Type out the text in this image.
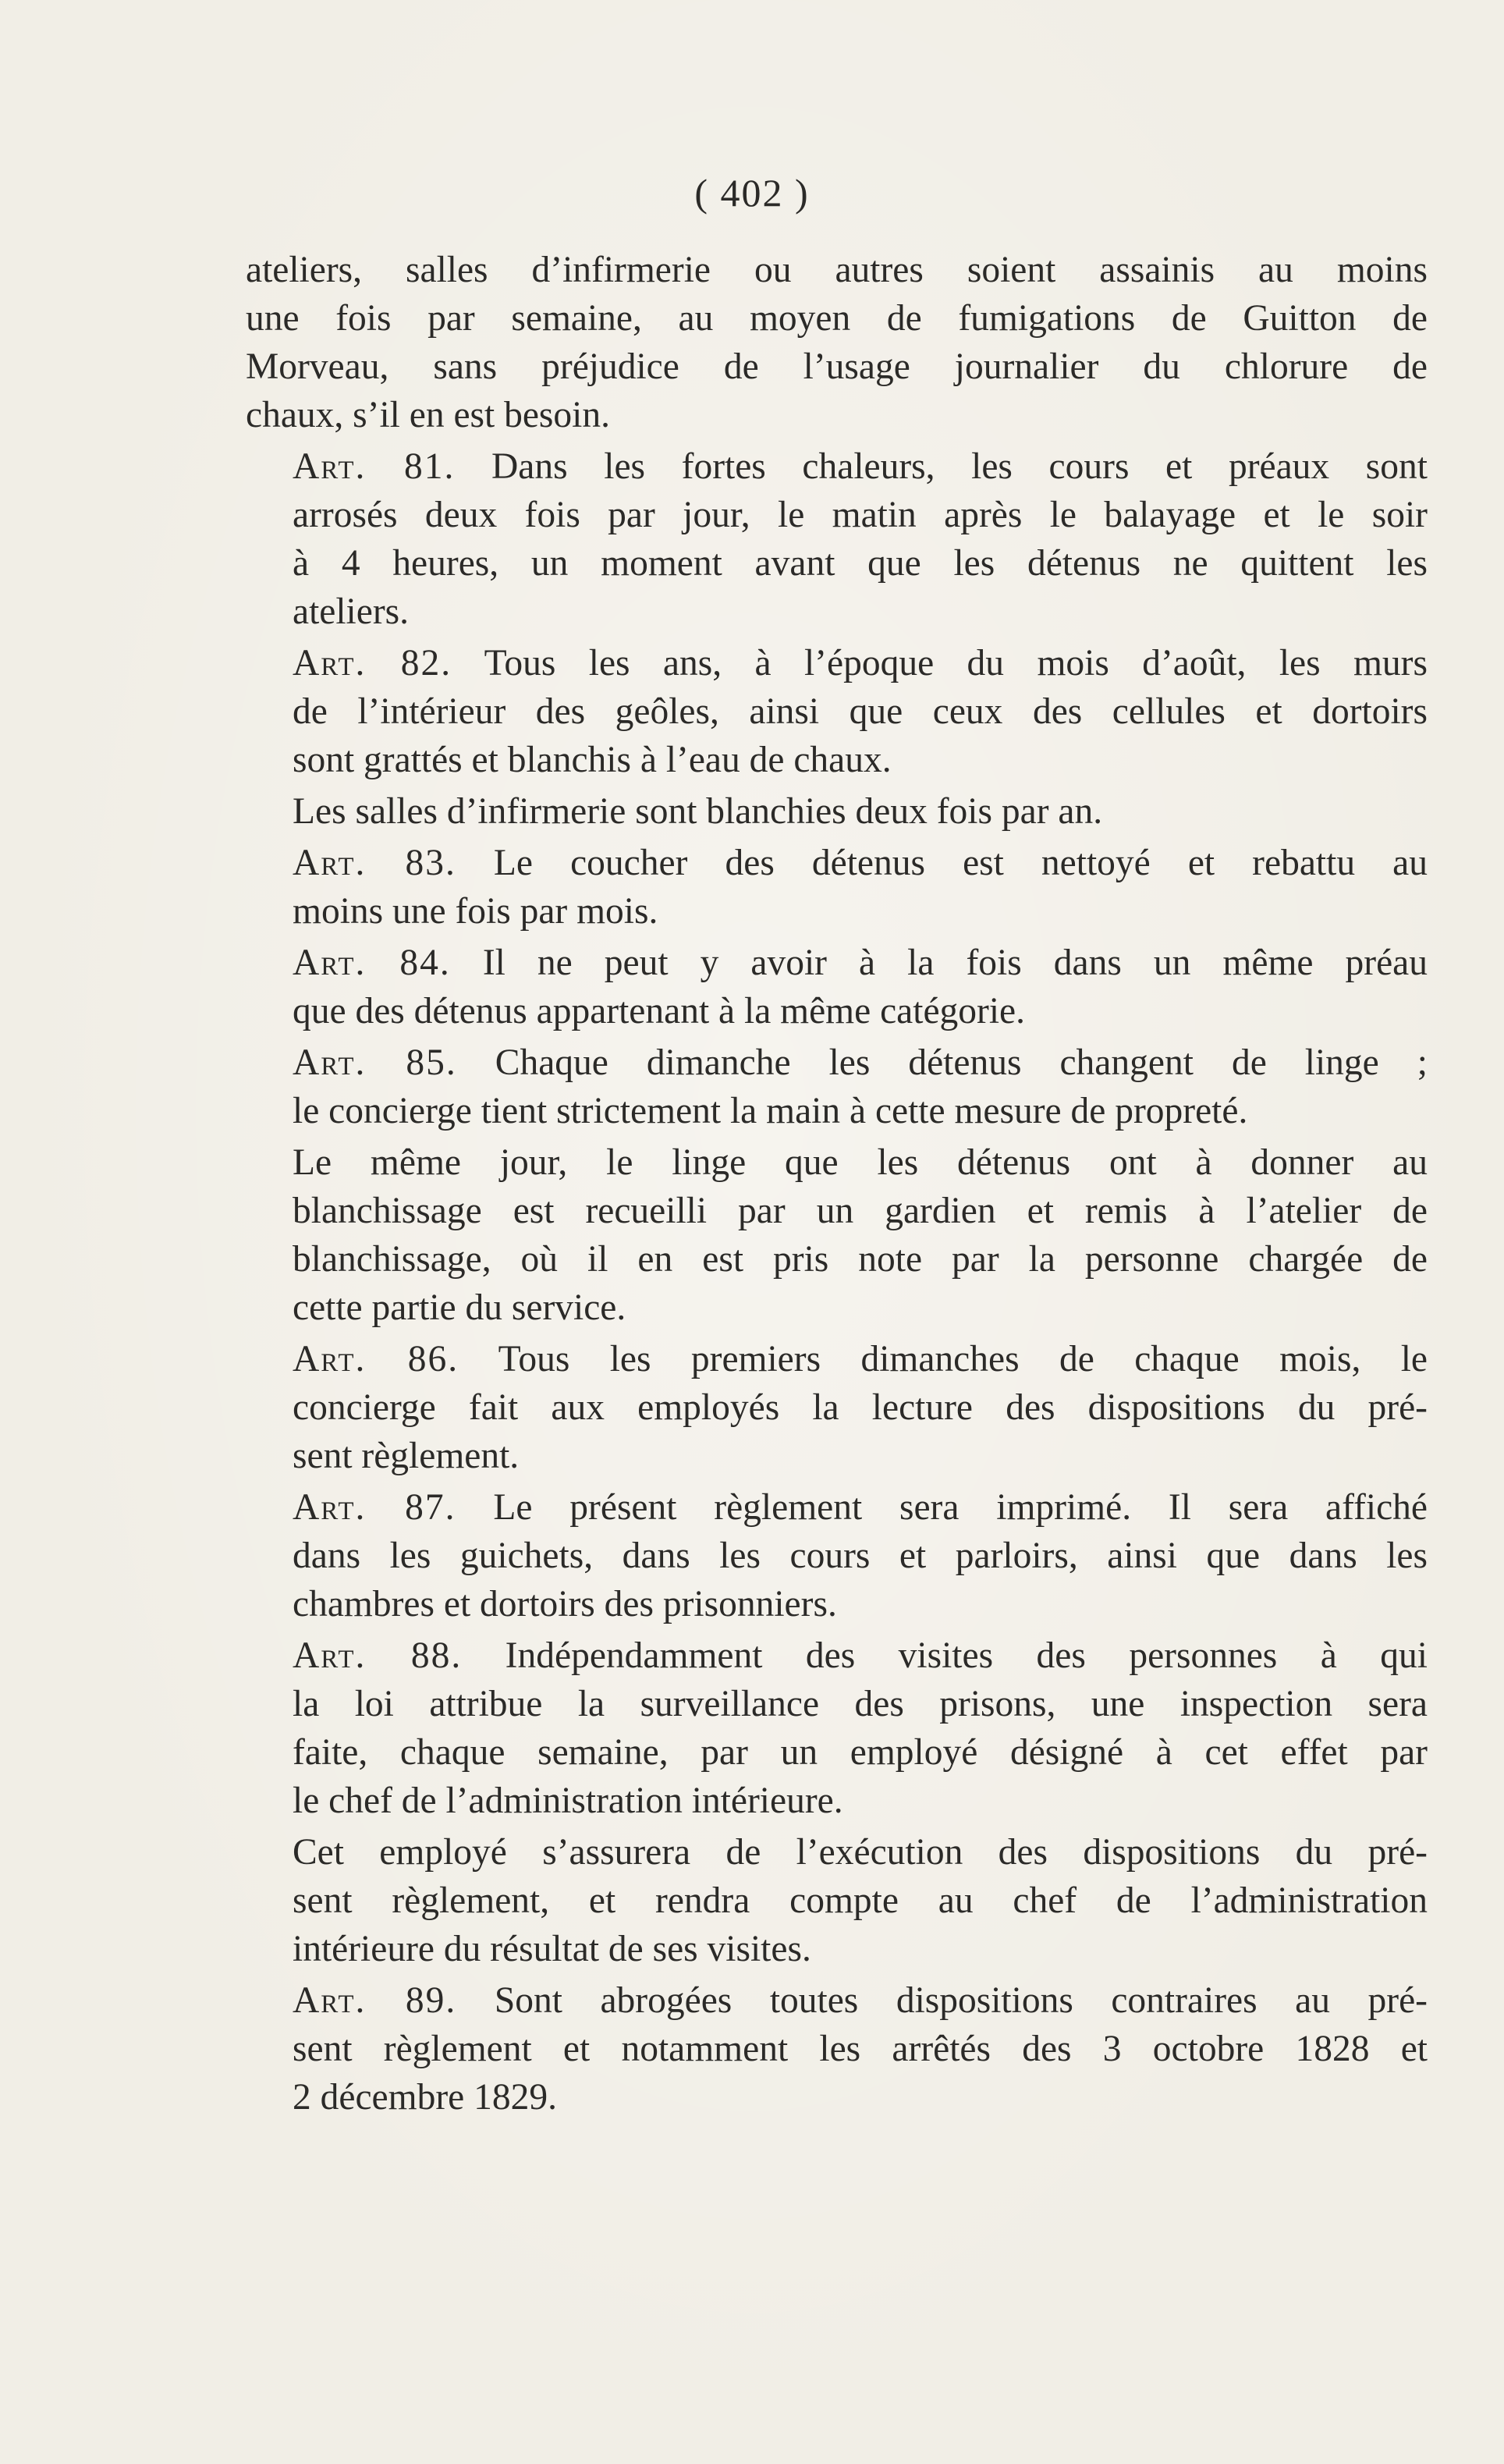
( 402 )
ateliers, salles d’infirmerie ou autres soient assainis au moins
une fois par semaine, au moyen de fumigations de Guitton de
Morveau, sans préjudice de l’usage journalier du chlorure de
chaux, s’il en est besoin.
Art. 81. Dans les fortes chaleurs, les cours et préaux sont
arrosés deux fois par jour, le matin après le balayage et le soir
à 4 heures, un moment avant que les détenus ne quittent les
ateliers.
Art. 82. Tous les ans, à l’époque du mois d’août, les murs
de l’intérieur des geôles, ainsi que ceux des cellules et dortoirs
sont grattés et blanchis à l’eau de chaux.
Les salles d’infirmerie sont blanchies deux fois par an.
Art. 83. Le coucher des détenus est nettoyé et rebattu au
moins une fois par mois.
Art. 84. Il ne peut y avoir à la fois dans un même préau
que des détenus appartenant à la même catégorie.
Art. 85. Chaque dimanche les détenus changent de linge ;
le concierge tient strictement la main à cette mesure de propreté.
Le même jour, le linge que les détenus ont à donner au
blanchissage est recueilli par un gardien et remis à l’atelier de
blanchissage, où il en est pris note par la personne chargée de
cette partie du service.
Art. 86. Tous les premiers dimanches de chaque mois, le
concierge fait aux employés la lecture des dispositions du pré-
sent règlement.
Art. 87. Le présent règlement sera imprimé. Il sera affiché
dans les guichets, dans les cours et parloirs, ainsi que dans les
chambres et dortoirs des prisonniers.
Art. 88. Indépendamment des visites des personnes à qui
la loi attribue la surveillance des prisons, une inspection sera
faite, chaque semaine, par un employé désigné à cet effet par
le chef de l’administration intérieure.
Cet employé s’assurera de l’exécution des dispositions du pré-
sent règlement, et rendra compte au chef de l’administration
intérieure du résultat de ses visites.
Art. 89. Sont abrogées toutes dispositions contraires au pré-
sent règlement et notamment les arrêtés des 3 octobre 1828 et
2 décembre 1829.
